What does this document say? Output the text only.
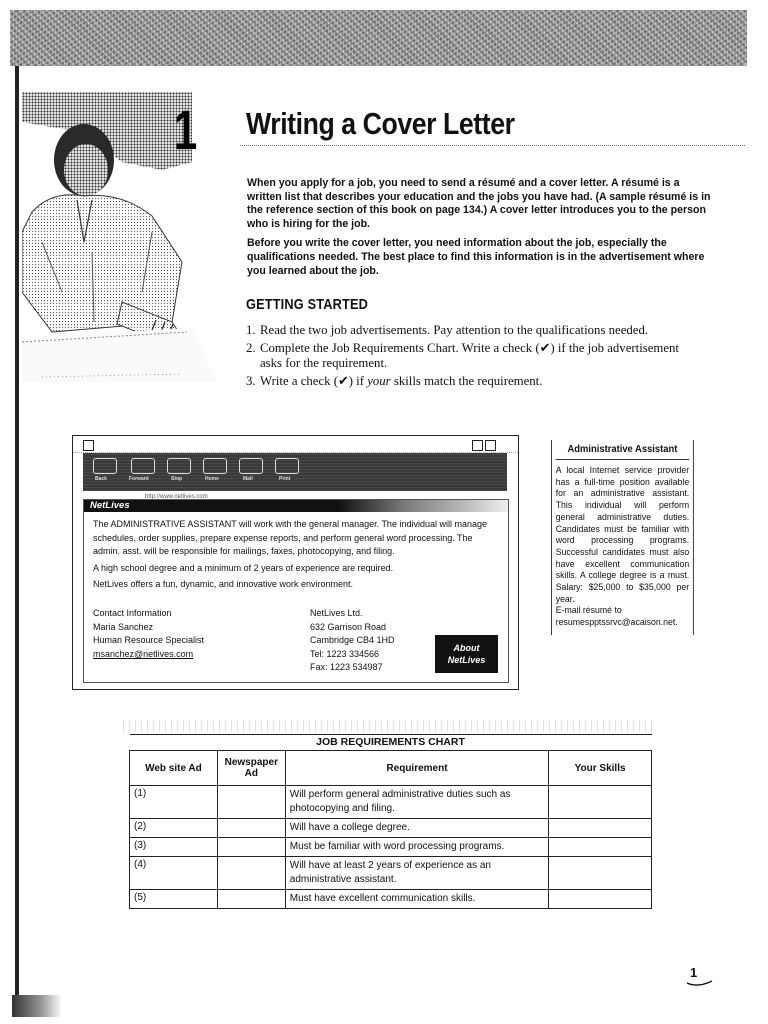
1 Writing a Cover Letter

When you apply for a job, you need to send a résumé and a cover letter. A résumé is a written list that describes your education and the jobs you have had. (A sample résumé is in the reference section of this book on page 134.) A cover letter introduces you to the person who is hiring for the job.

Before you write the cover letter, you need information about the job, especially the qualifications needed. The best place to find this information is in the advertisement where you learned about the job.

GETTING STARTED
1. Read the two job advertisements. Pay attention to the qualifications needed.
2. Complete the Job Requirements Chart. Write a check (✔) if the job advertisement asks for the requirement.
3. Write a check (✔) if your skills match the requirement.
Back	Forward	Stop	Home	Mail	Print
http://www.netlives.com
NetLives

The ADMINISTRATIVE ASSISTANT will work with the general manager. The individual will manage schedules, order supplies, prepare expense reports, and perform general word processing. The admin. asst. will be responsible for mailings, faxes, photocopying, and filing.

A high school degree and a minimum of 2 years of experience are required.

NetLives offers a fun, dynamic, and innovative work environment.

Contact Information
Maria Sanchez
Human Resource Specialist
msanchez@netlives.com
NetLives Ltd.
632 Garrison Road
Cambridge CB4 1HD
Tel: 1223 334566
Fax: 1223 534987
About
NetLives
Administrative Assistant
A local Internet service provider has a full-time position available for an administrative assistant. This individual will perform general administrative duties. Candidates must be familiar with word processing programs. Successful candidates must also have excellent communication skills. A college degree is a must. Salary: $25,000 to $35,000 per year.
E-mail résumé to
resumespptssrvc@acaison.net.
JOB REQUIREMENTS CHART			
Web site Ad	Newspaper Ad	Requirement	Your Skills
(1)		Will perform general administrative duties such as photocopying and filing.	
(2)		Will have a college degree.	
(3)		Must be familiar with word processing programs.	
(4)		Will have at least 2 years of experience as an administrative assistant.	
(5)		Must have excellent communication skills.	
1
